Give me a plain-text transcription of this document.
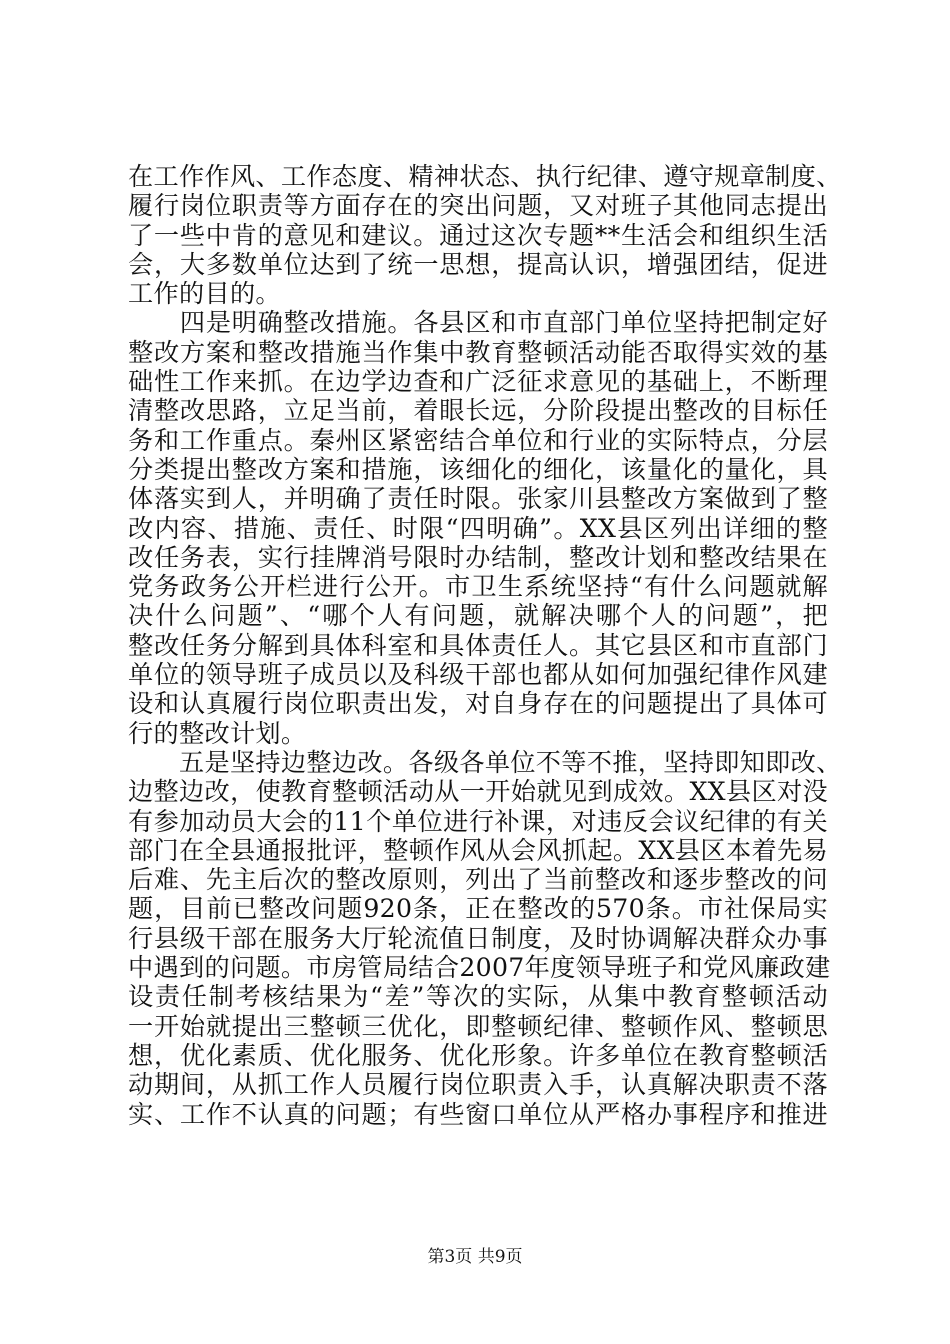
在工作作风、工作态度、精神状态、执行纪律、遵守规章制度、
履行岗位职责等方面存在的突出问题，又对班子其他同志提出
了一些中肯的意见和建议。通过这次专题**生活会和组织生活
会，大多数单位达到了统一思想，提高认识，增强团结，促进
工作的目的。
　　四是明确整改措施。各县区和市直部门单位坚持把制定好
整改方案和整改措施当作集中教育整顿活动能否取得实效的基
础性工作来抓。在边学边查和广泛征求意见的基础上，不断理
清整改思路，立足当前，着眼长远，分阶段提出整改的目标任
务和工作重点。秦州区紧密结合单位和行业的实际特点，分层
分类提出整改方案和措施，该细化的细化，该量化的量化，具
体落实到人，并明确了责任时限。张家川县整改方案做到了整
改内容、措施、责任、时限“四明确”。XX县区列出详细的整
改任务表，实行挂牌消号限时办结制，整改计划和整改结果在
党务政务公开栏进行公开。市卫生系统坚持“有什么问题就解
决什么问题”、“哪个人有问题，就解决哪个人的问题”，把
整改任务分解到具体科室和具体责任人。其它县区和市直部门
单位的领导班子成员以及科级干部也都从如何加强纪律作风建
设和认真履行岗位职责出发，对自身存在的问题提出了具体可
行的整改计划。
　　五是坚持边整边改。各级各单位不等不推，坚持即知即改、
边整边改，使教育整顿活动从一开始就见到成效。XX县区对没
有参加动员大会的11个单位进行补课，对违反会议纪律的有关
部门在全县通报批评，整顿作风从会风抓起。XX县区本着先易
后难、先主后次的整改原则，列出了当前整改和逐步整改的问
题，目前已整改问题920条，正在整改的570条。市社保局实
行县级干部在服务大厅轮流值日制度，及时协调解决群众办事
中遇到的问题。市房管局结合2007年度领导班子和党风廉政建
设责任制考核结果为“差”等次的实际，从集中教育整顿活动
一开始就提出三整顿三优化，即整顿纪律、整顿作风、整顿思
想，优化素质、优化服务、优化形象。许多单位在教育整顿活
动期间，从抓工作人员履行岗位职责入手，认真解决职责不落
实、工作不认真的问题；有些窗口单位从严格办事程序和推进
第3页 共9页
